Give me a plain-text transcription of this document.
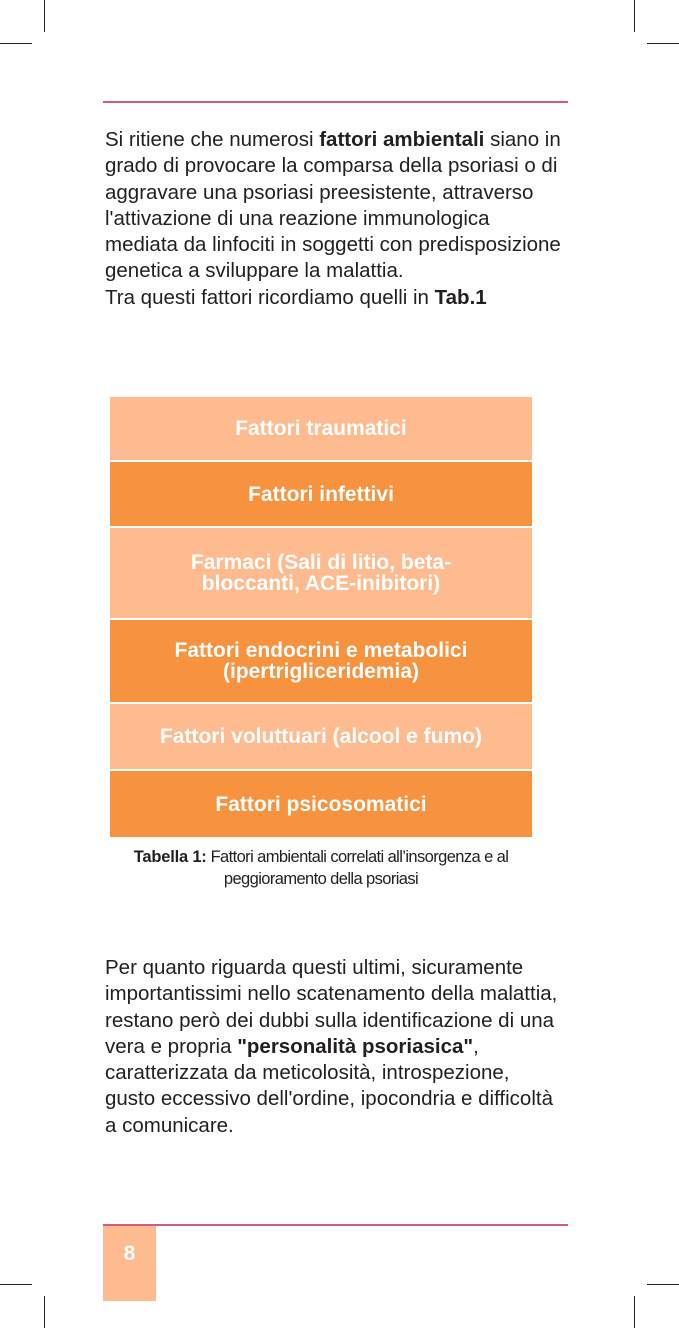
Si ritiene che numerosi fattori ambientali siano in grado di provocare la comparsa della psoriasi o di aggravare una psoriasi preesistente, attraverso l'attivazione di una reazione immunologica mediata da linfociti in soggetti con predisposizione genetica a sviluppare la malattia.

Tra questi fattori ricordiamo quelli in Tab.1

Fattori traumatici
Fattori infettivi
Farmaci (Sali di litio, beta-bloccanti, ACE-inibitori)
Fattori endocrini e metabolici (ipertrigliceridemia)
Fattori voluttuari (alcool e fumo)
Fattori psicosomatici
Tabella 1: Fattori ambientali correlati all’insorgenza e al peggioramento della psoriasi

Per quanto riguarda questi ultimi, sicuramente importantissimi nello scatenamento della malattia, restano però dei dubbi sulla identificazione di una vera e propria "personalità psoriasica", caratterizzata da meticolosità, introspezione, gusto eccessivo dell'ordine, ipocondria e difficoltà a comunicare.

8
